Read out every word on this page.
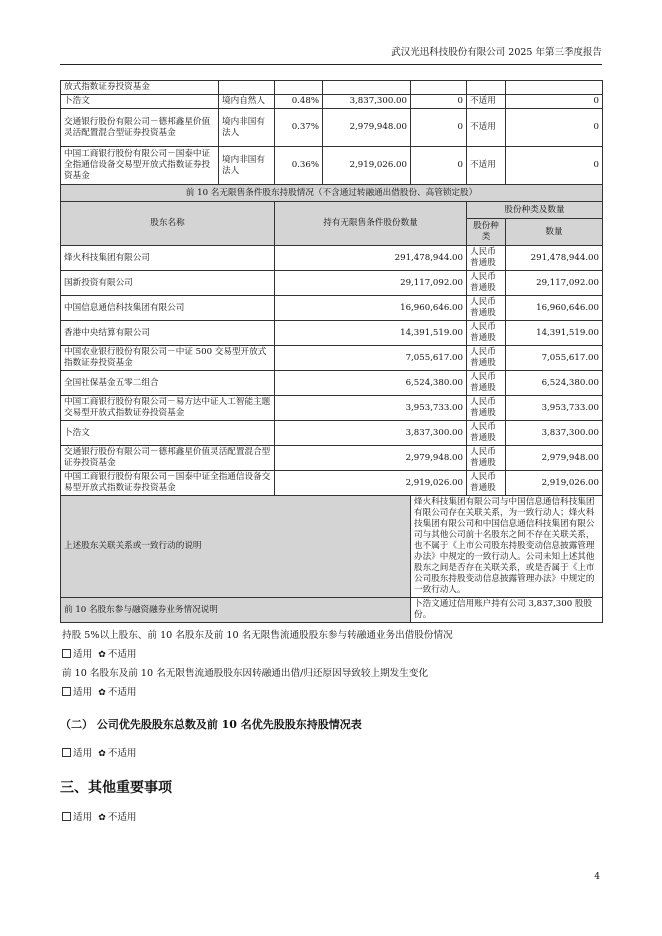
武汉光迅科技股份有限公司 2025 年第三季度报告
放式指数证券投资基金						
卜浩文	境内自然人	0.48%	3,837,300.00	0	不适用	0
交通银行股份有限公司－德邦鑫星价值灵活配置混合型证券投资基金	境内非国有法人	0.37%	2,979,948.00	0	不适用	0
中国工商银行股份有限公司－国泰中证全指通信设备交易型开放式指数证券投资基金	境内非国有法人	0.36%	2,919,026.00	0	不适用	0
前 10 名无限售条件股东持股情况（不含通过转融通出借股份、高管锁定股）						
股东名称		持有无限售条件股份数量			股份种类及数量	
					股份种类	数量
烽火科技集团有限公司		291,478,944.00			人民币普通股	291,478,944.00
国新投资有限公司		29,117,092.00			人民币普通股	29,117,092.00
中国信息通信科技集团有限公司		16,960,646.00			人民币普通股	16,960,646.00
香港中央结算有限公司		14,391,519.00			人民币普通股	14,391,519.00
中国农业银行股份有限公司－中证 500 交易型开放式指数证券投资基金		7,055,617.00			人民币普通股	7,055,617.00
全国社保基金五零二组合		6,524,380.00			人民币普通股	6,524,380.00
中国工商银行股份有限公司－易方达中证人工智能主题交易型开放式指数证券投资基金		3,953,733.00			人民币普通股	3,953,733.00
卜浩文		3,837,300.00			人民币普通股	3,837,300.00
交通银行股份有限公司－德邦鑫星价值灵活配置混合型证券投资基金		2,979,948.00			人民币普通股	2,979,948.00
中国工商银行股份有限公司－国泰中证全指通信设备交易型开放式指数证券投资基金		2,919,026.00			人民币普通股	2,919,026.00
上述股东关联关系或一致行动的说明				烽火科技集团有限公司与中国信息通信科技集团有限公司存在关联关系，为一致行动人；烽火科技集团有限公司和中国信息通信科技集团有限公司与其他公司前十名股东之间不存在关联关系，也不属于《上市公司股东持股变动信息披露管理办法》中规定的一致行动人。公司未知上述其他股东之间是否存在关联关系，或是否属于《上市公司股东持股变动信息披露管理办法》中规定的一致行动人。		
前 10 名股东参与融资融券业务情况说明				卜浩文通过信用账户持有公司 3,837,300 股股份。		
持股 5%以上股东、前 10 名股东及前 10 名无限售流通股股东参与转融通业务出借股份情况
适用 ✿ 不适用
前 10 名股东及前 10 名无限售流通股股东因转融通出借/归还原因导致较上期发生变化
适用 ✿ 不适用
（二） 公司优先股股东总数及前 10 名优先股股东持股情况表
适用 ✿ 不适用
三、其他重要事项
适用 ✿ 不适用
4
